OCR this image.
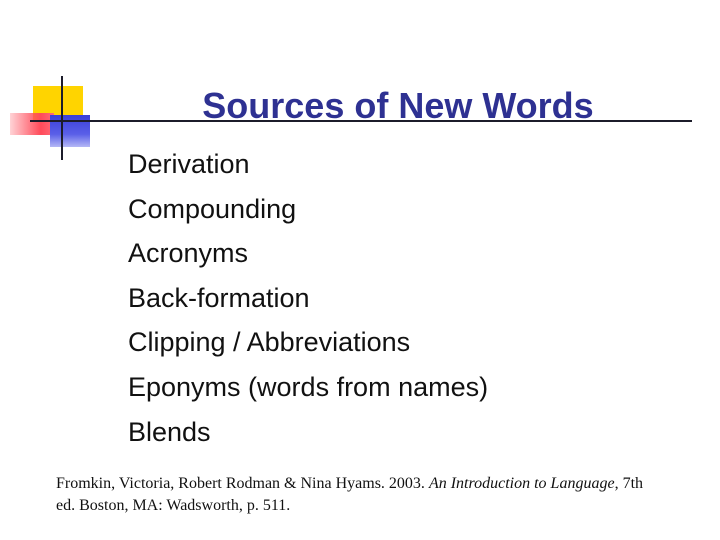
Sources of New Words
Derivation
Compounding
Acronyms
Back-formation
Clipping / Abbreviations
Eponyms (words from names)
Blends
Fromkin, Victoria, Robert Rodman & Nina Hyams. 2003. An Introduction to Language, 7th ed. Boston, MA: Wadsworth, p. 511.
